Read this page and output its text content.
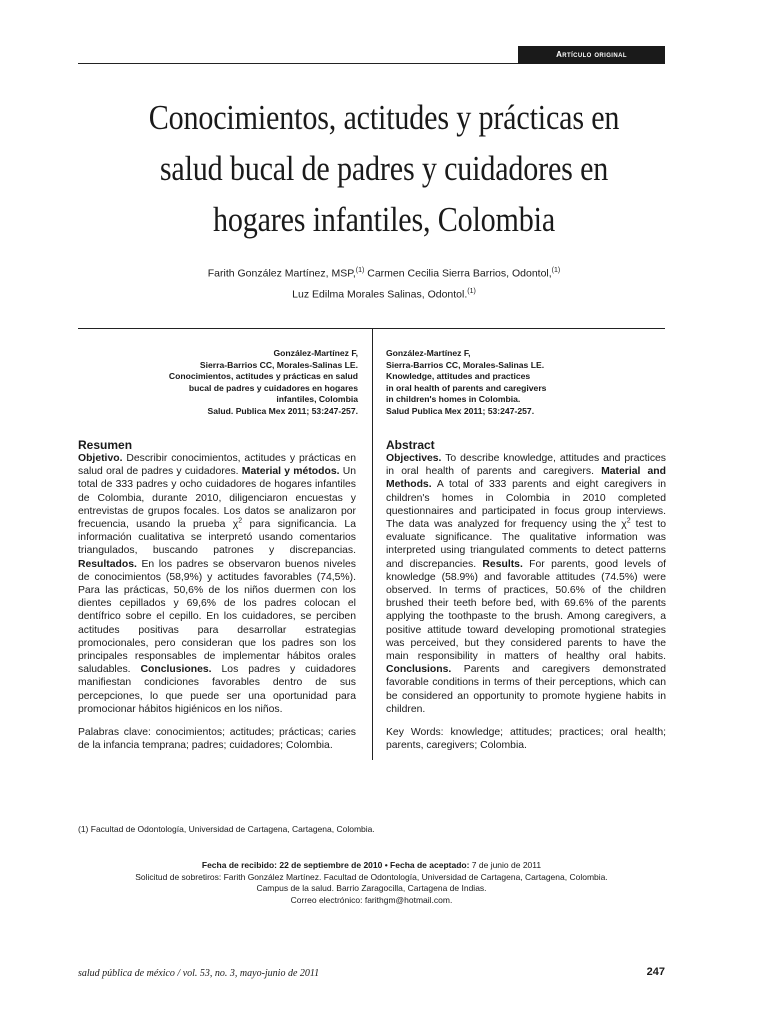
Artículo original
Conocimientos, actitudes y prácticas en salud bucal de padres y cuidadores en hogares infantiles, Colombia
Farith González Martínez, MSP,$^{(1)}$ Carmen Cecilia Sierra Barrios, Odontol,$^{(1)}$
Luz Edilma Morales Salinas, Odontol.$^{(1)}$
González-Martínez F,
Sierra-Barrios CC, Morales-Salinas LE.
Conocimientos, actitudes y prácticas en salud
bucal de padres y cuidadores en hogares
infantiles, Colombia
Salud. Publica Mex 2011; 53:247-257.
González-Martínez F,
Sierra-Barrios CC, Morales-Salinas LE.
Knowledge, attitudes and practices
in oral health of parents and caregivers
in children's homes in Colombia.
Salud Publica Mex 2011; 53:247-257.
Resumen

Objetivo. Describir conocimientos, actitudes y prácticas en salud oral de padres y cuidadores. Material y métodos. Un total de 333 padres y ocho cuidadores de hogares infantiles de Colombia, durante 2010, diligenciaron encuestas y entrevistas de grupos focales. Los datos se analizaron por frecuencia, usando la prueba $\chi^2$ para significancia. La información cualitativa se interpretó usando comentarios triangulados, buscando patrones y discrepancias. Resultados. En los padres se observaron buenos niveles de conocimientos (58,9%) y actitudes favorables (74,5%). Para las prácticas, 50,6% de los niños duermen con los dientes cepillados y 69,6% de los padres colocan el dentífrico sobre el cepillo. En los cuidadores, se perciben actitudes positivas para desarrollar estrategias promocionales, pero consideran que los padres son los principales responsables de implementar hábitos orales saludables. Conclusiones. Los padres y cuidadores manifiestan condiciones favorables dentro de sus percepciones, lo que puede ser una oportunidad para promocionar hábitos higiénicos en los niños.

Palabras clave: conocimientos; actitudes; prácticas; caries de la infancia temprana; padres; cuidadores; Colombia.

Abstract

Objectives. To describe knowledge, attitudes and practices in oral health of parents and caregivers. Material and Methods. A total of 333 parents and eight caregivers in children's homes in Colombia in 2010 completed questionnaires and participated in focus group interviews. The data was analyzed for frequency using the $\chi^2$ test to evaluate significance. The qualitative information was interpreted using triangulated comments to detect patterns and discrepancies. Results. For parents, good levels of knowledge (58.9%) and favorable attitudes (74.5%) were observed. In terms of practices, 50.6% of the children brushed their teeth before bed, with 69.6% of the parents applying the toothpaste to the brush. Among caregivers, a positive attitude toward developing promotional strategies was perceived, but they considered parents to have the main responsibility in matters of healthy oral habits. Conclusions. Parents and caregivers demonstrated favorable conditions in terms of their perceptions, which can be considered an opportunity to promote hygiene habits in children.

Key Words: knowledge; attitudes; practices; oral health; parents, caregivers; Colombia.

(1) Facultad de Odontología, Universidad de Cartagena, Cartagena, Colombia.
Fecha de recibido: 22 de septiembre de 2010 • Fecha de aceptado: 7 de junio de 2011
Solicitud de sobretiros: Farith González Martínez. Facultad de Odontología, Universidad de Cartagena, Cartagena, Colombia.
Campus de la salud. Barrio Zaragocilla, Cartagena de Indias.
Correo electrónico: farithgm@hotmail.com.
salud pública de méxico / vol. 53, no. 3, mayo-junio de 2011	247
